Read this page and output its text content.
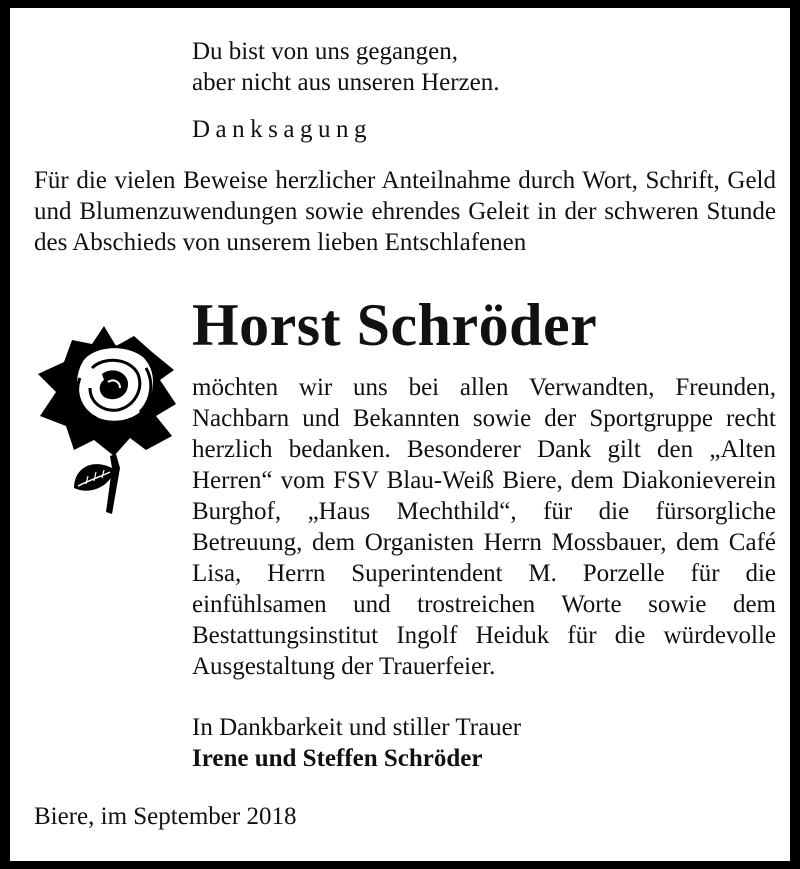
Du bist von uns gegangen,
aber nicht aus unseren Herzen.
Danksagung
Für die vielen Beweise herzlicher Anteilnahme durch Wort, Schrift, Geld und Blumenzuwendungen sowie ehrendes Geleit in der schweren Stunde des Abschieds von unserem lieben Entschlafenen
Horst Schröder
möchten wir uns bei allen Verwandten, Freunden, Nachbarn und Bekannten sowie der Sportgruppe recht herzlich bedanken. Besonderer Dank gilt den „Alten Herren“ vom FSV Blau-Weiß Biere, dem Diakonieverein Burghof, „Haus Mechthild“, für die fürsorgliche Betreuung, dem Organisten Herrn Mossbauer, dem Café Lisa, Herrn Superintendent M. Porzelle für die einfühlsamen und trostreichen Worte sowie dem Bestattungsinstitut Ingolf Heiduk für die würdevolle Ausgestaltung der Trauerfeier.
In Dankbarkeit und stiller Trauer
Irene und Steffen Schröder
Biere, im September 2018
